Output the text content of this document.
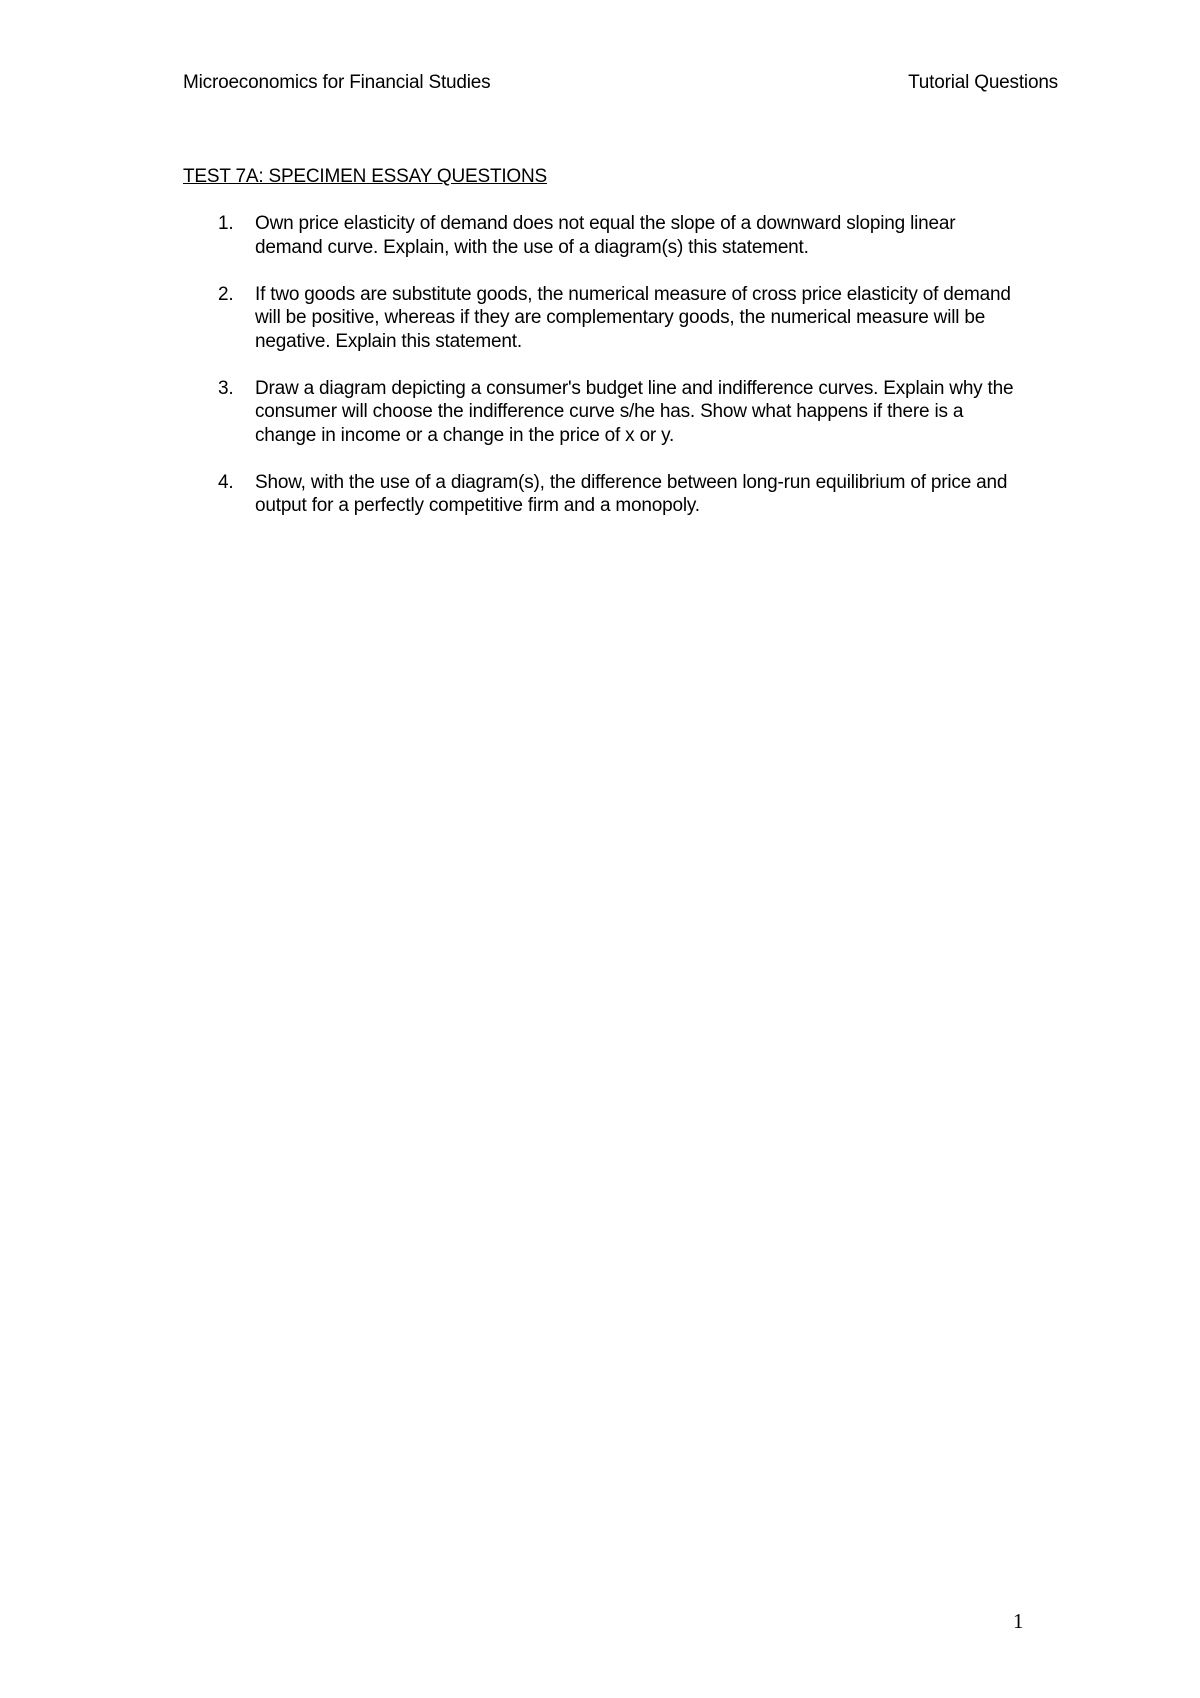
Microeconomics for Financial Studies	Tutorial Questions
TEST 7A: SPECIMEN ESSAY QUESTIONS
1. Own price elasticity of demand does not equal the slope of a downward sloping linear demand curve. Explain, with the use of a diagram(s) this statement.
2. If two goods are substitute goods, the numerical measure of cross price elasticity of demand will be positive, whereas if they are complementary goods, the numerical measure will be negative. Explain this statement.
3. Draw a diagram depicting a consumer's budget line and indifference curves. Explain why the consumer will choose the indifference curve s/he has. Show what happens if there is a change in income or a change in the price of x or y.
4. Show, with the use of a diagram(s), the difference between long-run equilibrium of price and output for a perfectly competitive firm and a monopoly.
1
